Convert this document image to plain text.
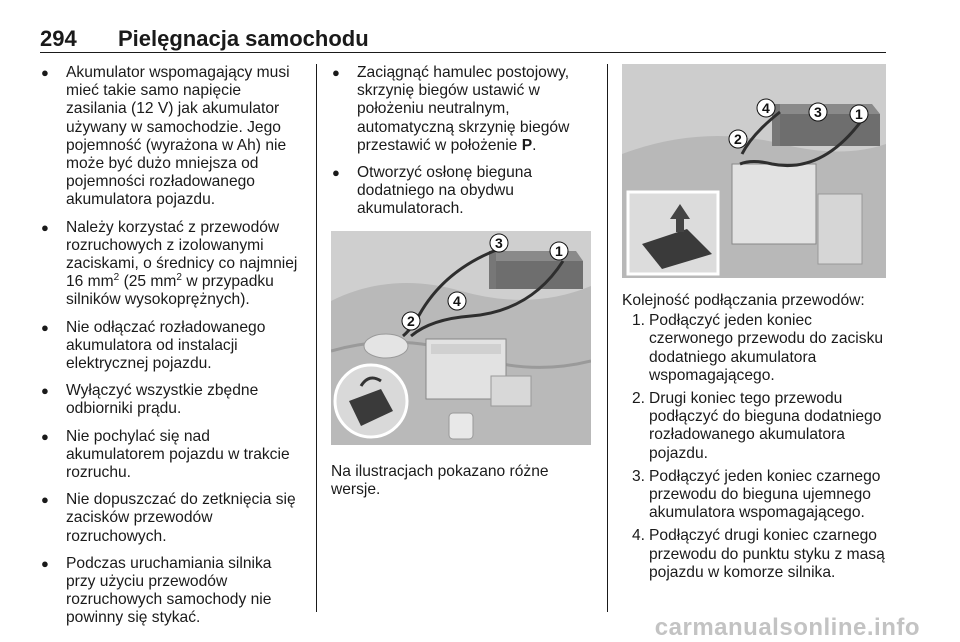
294 Pielęgnacja samochodu
● Akumulator wspomagający musi mieć takie samo napięcie zasilania (12 V) jak akumulator używany w samochodzie. Jego pojemność (wyrażona w Ah) nie może być dużo mniejsza od pojemności rozładowanego akumulatora pojazdu.
● Należy korzystać z przewodów rozruchowych z izolowanymi zaciskami, o średnicy co najmniej 16 $mm^2$ (25 $mm^2$ w przypadku silników wysokoprężnych).
● Nie odłączać rozładowanego akumulatora od instalacji elektrycznej pojazdu.
● Wyłączyć wszystkie zbędne odbiorniki prądu.
● Nie pochylać się nad akumulatorem pojazdu w trakcie rozruchu.
● Nie dopuszczać do zetknięcia się zacisków przewodów rozruchowych.
● Podczas uruchamiania silnika przy użyciu przewodów rozruchowych samochody nie powinny się stykać.
● Zaciągnąć hamulec postojowy, skrzynię biegów ustawić w położeniu neutralnym, automatyczną skrzynię biegów przestawić w położenie P.
● Otworzyć osłonę bieguna dodatniego na obydwu akumulatorach.
1
3
2
4
Na ilustracjach pokazano różne wersje.
1
2
3
4
Kolejność podłączania przewodów:
1. Podłączyć jeden koniec czerwonego przewodu do zacisku dodatniego akumulatora wspomagającego.
2. Drugi koniec tego przewodu podłączyć do bieguna dodatniego rozładowanego akumulatora pojazdu.
3. Podłączyć jeden koniec czarnego przewodu do bieguna ujemnego akumulatora wspomagającego.
4. Podłączyć drugi koniec czarnego przewodu do punktu styku z masą pojazdu w komorze silnika.
carmanualsonline.info
